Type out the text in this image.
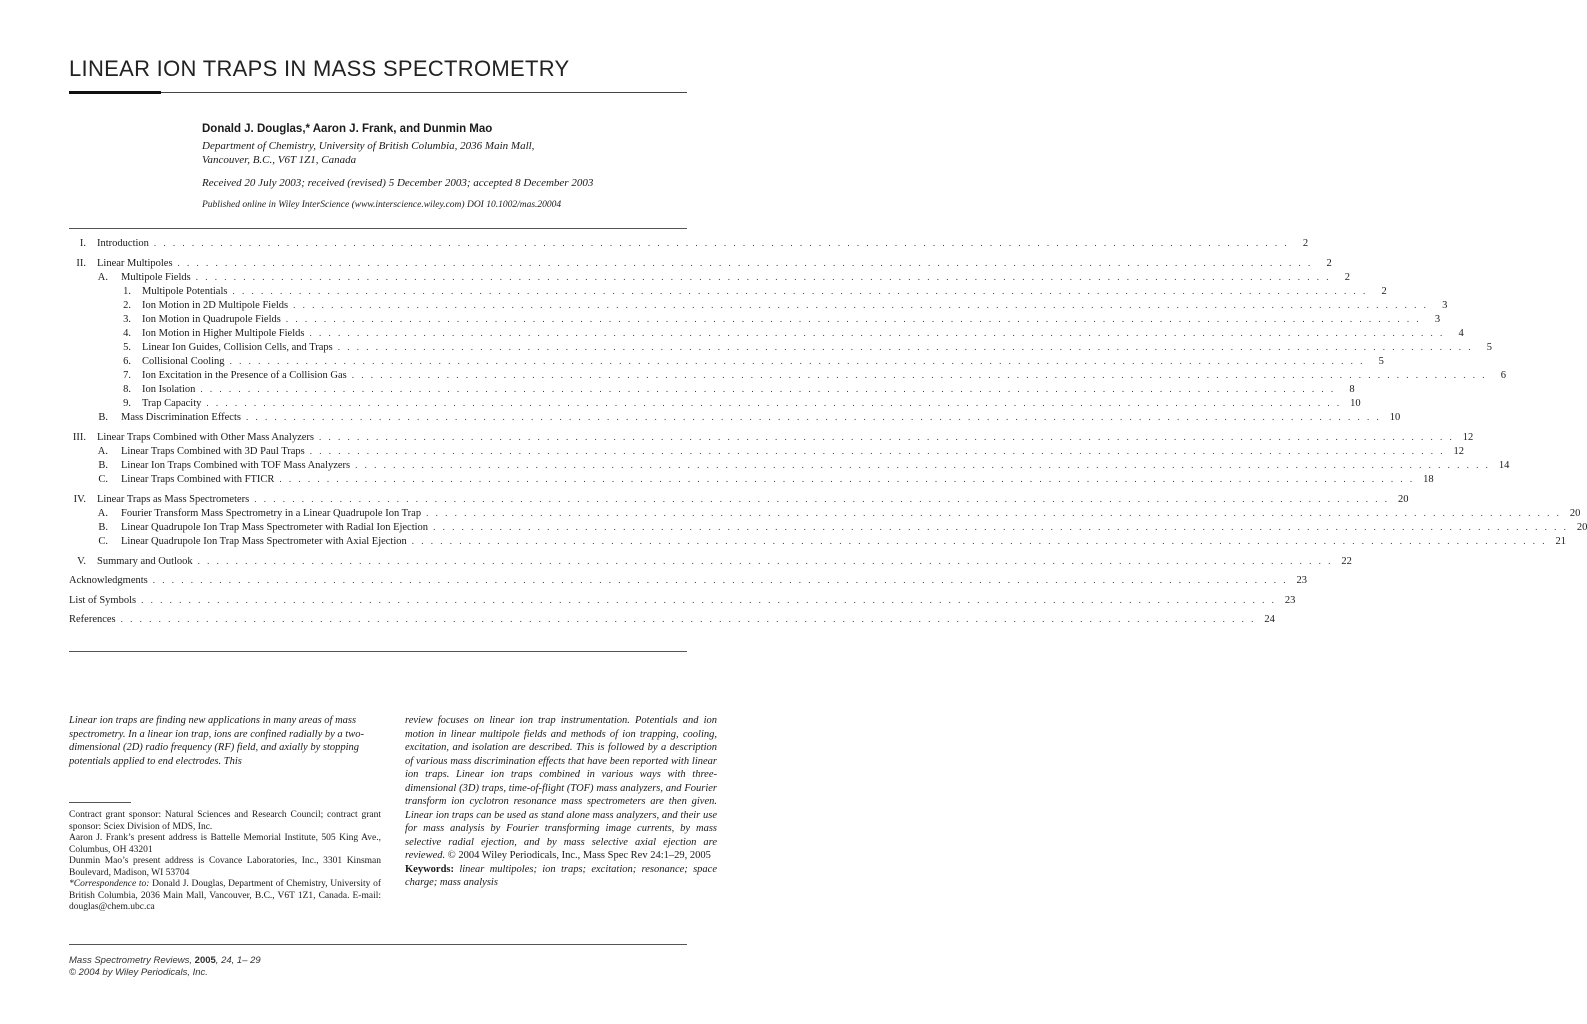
LINEAR ION TRAPS IN MASS SPECTROMETRY
Donald J. Douglas,* Aaron J. Frank, and Dunmin Mao
Department of Chemistry, University of British Columbia, 2036 Main Mall,
Vancouver, B.C., V6T 1Z1, Canada
Received 20 July 2003; received (revised) 5 December 2003; accepted 8 December 2003
Published online in Wiley InterScience (www.interscience.wiley.com) DOI 10.1002/mas.20004
I. Introduction . . . . . . . . . . . . . . . . . . . . . . . . . . . . . . . . . . . . . . . . . . . . . . . . . . . . . . . . . . . . . . . . . . . . . . . . . . . . . . . . . . . . . . . . . . . . . . . . . . . . . . . . . . . . . . . . . . . . . . . .	2
II. Linear Multipoles . . . . . . . . . . . . . . . . . . . . . . . . . . . . . . . . . . . . . . . . . . . . . . . . . . . . . . . . . . . . . . . . . . . . . . . . . . . . . . . . . . . . . . . . . . . . . . . . . . . . . . . . . . . . . . . . . . . . . . . .	2
A. Multipole Fields . . . . . . . . . . . . . . . . . . . . . . . . . . . . . . . . . . . . . . . . . . . . . . . . . . . . . . . . . . . . . . . . . . . . . . . . . . . . . . . . . . . . . . . . . . . . . . . . . . . . . . . . . . . . . . . . . . . . . . . .	2
1. Multipole Potentials . . . . . . . . . . . . . . . . . . . . . . . . . . . . . . . . . . . . . . . . . . . . . . . . . . . . . . . . . . . . . . . . . . . . . . . . . . . . . . . . . . . . . . . . . . . . . . . . . . . . . . . . . . . . . . . . . . . . . . . .	2
2. Ion Motion in 2D Multipole Fields . . . . . . . . . . . . . . . . . . . . . . . . . . . . . . . . . . . . . . . . . . . . . . . . . . . . . . . . . . . . . . . . . . . . . . . . . . . . . . . . . . . . . . . . . . . . . . . . . . . . . . . . . . . . . . . . . . . . . . . .	3
3. Ion Motion in Quadrupole Fields . . . . . . . . . . . . . . . . . . . . . . . . . . . . . . . . . . . . . . . . . . . . . . . . . . . . . . . . . . . . . . . . . . . . . . . . . . . . . . . . . . . . . . . . . . . . . . . . . . . . . . . . . . . . . . . . . . . . . . . .	3
4. Ion Motion in Higher Multipole Fields . . . . . . . . . . . . . . . . . . . . . . . . . . . . . . . . . . . . . . . . . . . . . . . . . . . . . . . . . . . . . . . . . . . . . . . . . . . . . . . . . . . . . . . . . . . . . . . . . . . . . . . . . . . . . . . . . . . . . . . .	4
5. Linear Ion Guides, Collision Cells, and Traps . . . . . . . . . . . . . . . . . . . . . . . . . . . . . . . . . . . . . . . . . . . . . . . . . . . . . . . . . . . . . . . . . . . . . . . . . . . . . . . . . . . . . . . . . . . . . . . . . . . . . . . . . . . . . . . . . . . . . . . .	5
6. Collisional Cooling . . . . . . . . . . . . . . . . . . . . . . . . . . . . . . . . . . . . . . . . . . . . . . . . . . . . . . . . . . . . . . . . . . . . . . . . . . . . . . . . . . . . . . . . . . . . . . . . . . . . . . . . . . . . . . . . . . . . . . . .	5
7. Ion Excitation in the Presence of a Collision Gas . . . . . . . . . . . . . . . . . . . . . . . . . . . . . . . . . . . . . . . . . . . . . . . . . . . . . . . . . . . . . . . . . . . . . . . . . . . . . . . . . . . . . . . . . . . . . . . . . . . . . . . . . . . . . . . . . . . . . . . .	6
8. Ion Isolation . . . . . . . . . . . . . . . . . . . . . . . . . . . . . . . . . . . . . . . . . . . . . . . . . . . . . . . . . . . . . . . . . . . . . . . . . . . . . . . . . . . . . . . . . . . . . . . . . . . . . . . . . . . . . . . . . . . . . . . .	8
9. Trap Capacity . . . . . . . . . . . . . . . . . . . . . . . . . . . . . . . . . . . . . . . . . . . . . . . . . . . . . . . . . . . . . . . . . . . . . . . . . . . . . . . . . . . . . . . . . . . . . . . . . . . . . . . . . . . . . . . . . . . . . . . . 10
B. Mass Discrimination Effects . . . . . . . . . . . . . . . . . . . . . . . . . . . . . . . . . . . . . . . . . . . . . . . . . . . . . . . . . . . . . . . . . . . . . . . . . . . . . . . . . . . . . . . . . . . . . . . . . . . . . . . . . . . . . . . . . . . . . . . . 10
III. Linear Traps Combined with Other Mass Analyzers . . . . . . . . . . . . . . . . . . . . . . . . . . . . . . . . . . . . . . . . . . . . . . . . . . . . . . . . . . . . . . . . . . . . . . . . . . . . . . . . . . . . . . . . . . . . . . . . . . . . . . . . . . . . . . . . . . . . . . . . 12
A. Linear Traps Combined with 3D Paul Traps . . . . . . . . . . . . . . . . . . . . . . . . . . . . . . . . . . . . . . . . . . . . . . . . . . . . . . . . . . . . . . . . . . . . . . . . . . . . . . . . . . . . . . . . . . . . . . . . . . . . . . . . . . . . . . . . . . . . . . . . 12
B. Linear Ion Traps Combined with TOF Mass Analyzers . . . . . . . . . . . . . . . . . . . . . . . . . . . . . . . . . . . . . . . . . . . . . . . . . . . . . . . . . . . . . . . . . . . . . . . . . . . . . . . . . . . . . . . . . . . . . . . . . . . . . . . . . . . . . . . . . . . . . . . . 14
C. Linear Traps Combined with FTICR . . . . . . . . . . . . . . . . . . . . . . . . . . . . . . . . . . . . . . . . . . . . . . . . . . . . . . . . . . . . . . . . . . . . . . . . . . . . . . . . . . . . . . . . . . . . . . . . . . . . . . . . . . . . . . . . . . . . . . . . 18
IV. Linear Traps as Mass Spectrometers . . . . . . . . . . . . . . . . . . . . . . . . . . . . . . . . . . . . . . . . . . . . . . . . . . . . . . . . . . . . . . . . . . . . . . . . . . . . . . . . . . . . . . . . . . . . . . . . . . . . . . . . . . . . . . . . . . . . . . . . 20
A. Fourier Transform Mass Spectrometry in a Linear Quadrupole Ion Trap . . . . . . . . . . . . . . . . . . . . . . . . . . . . . . . . . . . . . . . . . . . . . . . . . . . . . . . . . . . . . . . . . . . . . . . . . . . . . . . . . . . . . . . . . . . . . . . . . . . . . . . . . . . . . . . . . . . . . . . . 20
B. Linear Quadrupole Ion Trap Mass Spectrometer with Radial Ion Ejection . . . . . . . . . . . . . . . . . . . . . . . . . . . . . . . . . . . . . . . . . . . . . . . . . . . . . . . . . . . . . . . . . . . . . . . . . . . . . . . . . . . . . . . . . . . . . . . . . . . . . . . . . . . . . . . . . . . . . . . . 20
C. Linear Quadrupole Ion Trap Mass Spectrometer with Axial Ejection . . . . . . . . . . . . . . . . . . . . . . . . . . . . . . . . . . . . . . . . . . . . . . . . . . . . . . . . . . . . . . . . . . . . . . . . . . . . . . . . . . . . . . . . . . . . . . . . . . . . . . . . . . . . . . . . . . . . . . . . 21
V. Summary and Outlook . . . . . . . . . . . . . . . . . . . . . . . . . . . . . . . . . . . . . . . . . . . . . . . . . . . . . . . . . . . . . . . . . . . . . . . . . . . . . . . . . . . . . . . . . . . . . . . . . . . . . . . . . . . . . . . . . . . . . . . . 22
Acknowledgments . . . . . . . . . . . . . . . . . . . . . . . . . . . . . . . . . . . . . . . . . . . . . . . . . . . . . . . . . . . . . . . . . . . . . . . . . . . . . . . . . . . . . . . . . . . . . . . . . . . . . . . . . . . . . . . . . . . . . . . . 23
List of Symbols . . . . . . . . . . . . . . . . . . . . . . . . . . . . . . . . . . . . . . . . . . . . . . . . . . . . . . . . . . . . . . . . . . . . . . . . . . . . . . . . . . . . . . . . . . . . . . . . . . . . . . . . . . . . . . . . . . . . . . . . 23
References . . . . . . . . . . . . . . . . . . . . . . . . . . . . . . . . . . . . . . . . . . . . . . . . . . . . . . . . . . . . . . . . . . . . . . . . . . . . . . . . . . . . . . . . . . . . . . . . . . . . . . . . . . . . . . . . . . . . . . . . 24
Linear ion traps are finding new applications in many areas of mass spectrometry. In a linear ion trap, ions are confined radially by a two-dimensional (2D) radio frequency (RF) field, and axially by stopping potentials applied to end electrodes. This
review focuses on linear ion trap instrumentation. Potentials and ion motion in linear multipole fields and methods of ion trapping, cooling, excitation, and isolation are described. This is followed by a description of various mass discrimination effects that have been reported with linear ion traps. Linear ion traps combined in various ways with three-dimensional (3D) traps, time-of-flight (TOF) mass analyzers, and Fourier transform ion cyclotron resonance mass spectrometers are then given. Linear ion traps can be used as stand alone mass analyzers, and their use for mass analysis by Fourier transforming image currents, by mass selective radial ejection, and by mass selective axial ejection are reviewed. © 2004 Wiley Periodicals, Inc., Mass Spec Rev 24:1–29, 2005
Keywords: linear multipoles; ion traps; excitation; resonance; space charge; mass analysis

Contract grant sponsor: Natural Sciences and Research Council; contract grant sponsor: Sciex Division of MDS, Inc.

Aaron J. Frank’s present address is Battelle Memorial Institute, 505 King Ave., Columbus, OH 43201

Dunmin Mao’s present address is Covance Laboratories, Inc., 3301 Kinsman Boulevard, Madison, WI 53704

*Correspondence to: Donald J. Douglas, Department of Chemistry, University of British Columbia, 2036 Main Mall, Vancouver, B.C., V6T 1Z1, Canada. E-mail: douglas@chem.ubc.ca

Mass Spectrometry Reviews, 2005, 24, 1– 29
© 2004 by Wiley Periodicals, Inc.
